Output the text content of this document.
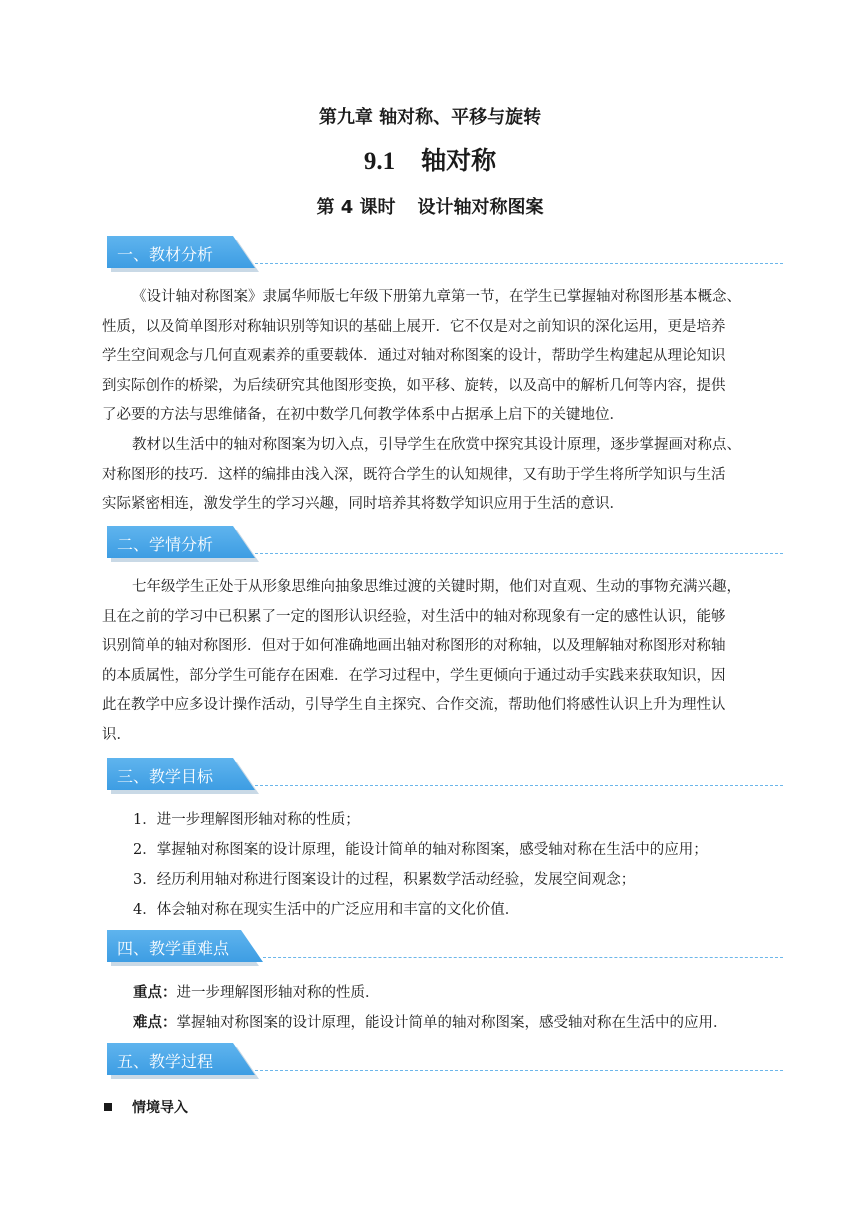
第九章 轴对称、平移与旋转
9.1 轴对称
第 4 课时 设计轴对称图案
一、教材分析
《设计轴对称图案》隶属华师版七年级下册第九章第一节，在学生已掌握轴对称图形基本概念、
性质，以及简单图形对称轴识别等知识的基础上展开．它不仅是对之前知识的深化运用，更是培养
学生空间观念与几何直观素养的重要载体．通过对轴对称图案的设计，帮助学生构建起从理论知识
到实际创作的桥梁，为后续研究其他图形变换，如平移、旋转，以及高中的解析几何等内容，提供
了必要的方法与思维储备，在初中数学几何教学体系中占据承上启下的关键地位．
教材以生活中的轴对称图案为切入点，引导学生在欣赏中探究其设计原理，逐步掌握画对称点、
对称图形的技巧．这样的编排由浅入深，既符合学生的认知规律，又有助于学生将所学知识与生活
实际紧密相连，激发学生的学习兴趣，同时培养其将数学知识应用于生活的意识．
二、学情分析
七年级学生正处于从形象思维向抽象思维过渡的关键时期，他们对直观、生动的事物充满兴趣，
且在之前的学习中已积累了一定的图形认识经验，对生活中的轴对称现象有一定的感性认识，能够
识别简单的轴对称图形．但对于如何准确地画出轴对称图形的对称轴，以及理解轴对称图形对称轴
的本质属性，部分学生可能存在困难．在学习过程中，学生更倾向于通过动手实践来获取知识，因
此在教学中应多设计操作活动，引导学生自主探究、合作交流，帮助他们将感性认识上升为理性认
识．
三、教学目标
1．进一步理解图形轴对称的性质；
2．掌握轴对称图案的设计原理，能设计简单的轴对称图案，感受轴对称在生活中的应用；
3．经历利用轴对称进行图案设计的过程，积累数学活动经验，发展空间观念；
4．体会轴对称在现实生活中的广泛应用和丰富的文化价值．
四、教学重难点
重点：进一步理解图形轴对称的性质．
难点：掌握轴对称图案的设计原理，能设计简单的轴对称图案，感受轴对称在生活中的应用．
五、教学过程
情境导入
